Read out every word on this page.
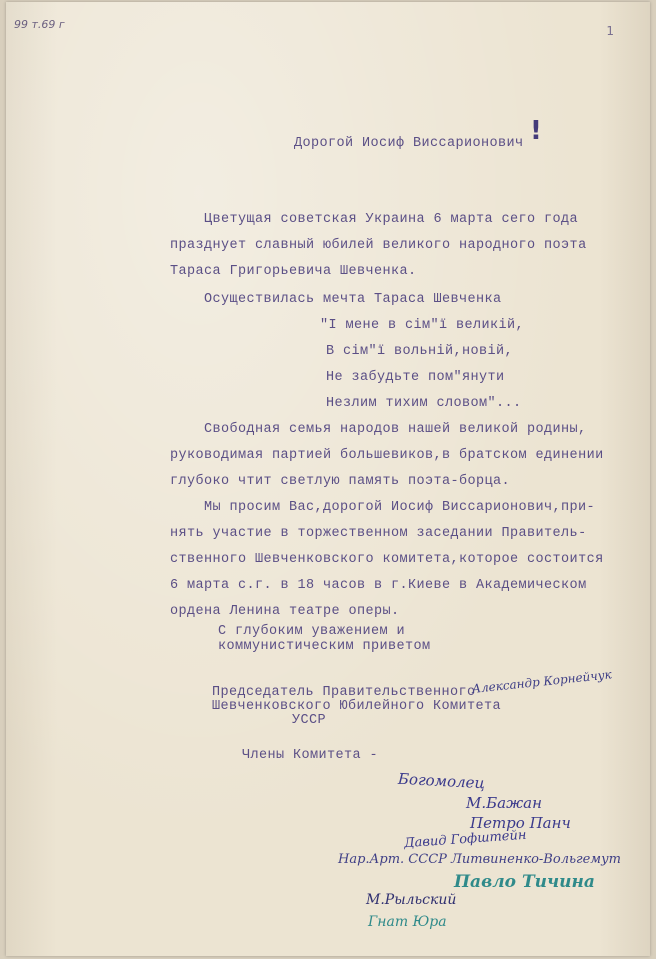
99 т.69 г	1
Дорогой Иосиф Виссарионович !
Цветущая советская Украина 6 марта сего года
празднует славный юбилей великого народного поэта
Тараса Григорьевича Шевченка.
Осуществилась мечта Тараса Шевченка
"І мене в сім"ї великій,
В сім"ї вольній,новій,
Не забудьте пом"янути
Незлим тихим словом"...
Свободная семья народов нашей великой родины,
руководимая партией большевиков,в братском единении
глубоко чтит светлую память поэта-борца.
Мы просим Вас,дорогой Иосиф Виссарионович,при-
нять участие в торжественном заседании Правитель-
ственного Шевченковского комитета,которое состоится
6 марта с.г. в 18 часов в г.Киеве в Академическом
ордена Ленина театре оперы.
С глубоким уважением и
коммунистическим приветом
Председатель Правительственного
Шевченковского Юбилейного Комитета
УССР
Александр Корнейчук
Члены Комитета -
Богомолец
М.Бажан
Петро Панч
Давид Гофштейн
Нар.Арт. СССР Литвиненко-Вольгемут
Павло Тичина
М.Рыльский
Гнат Юра
